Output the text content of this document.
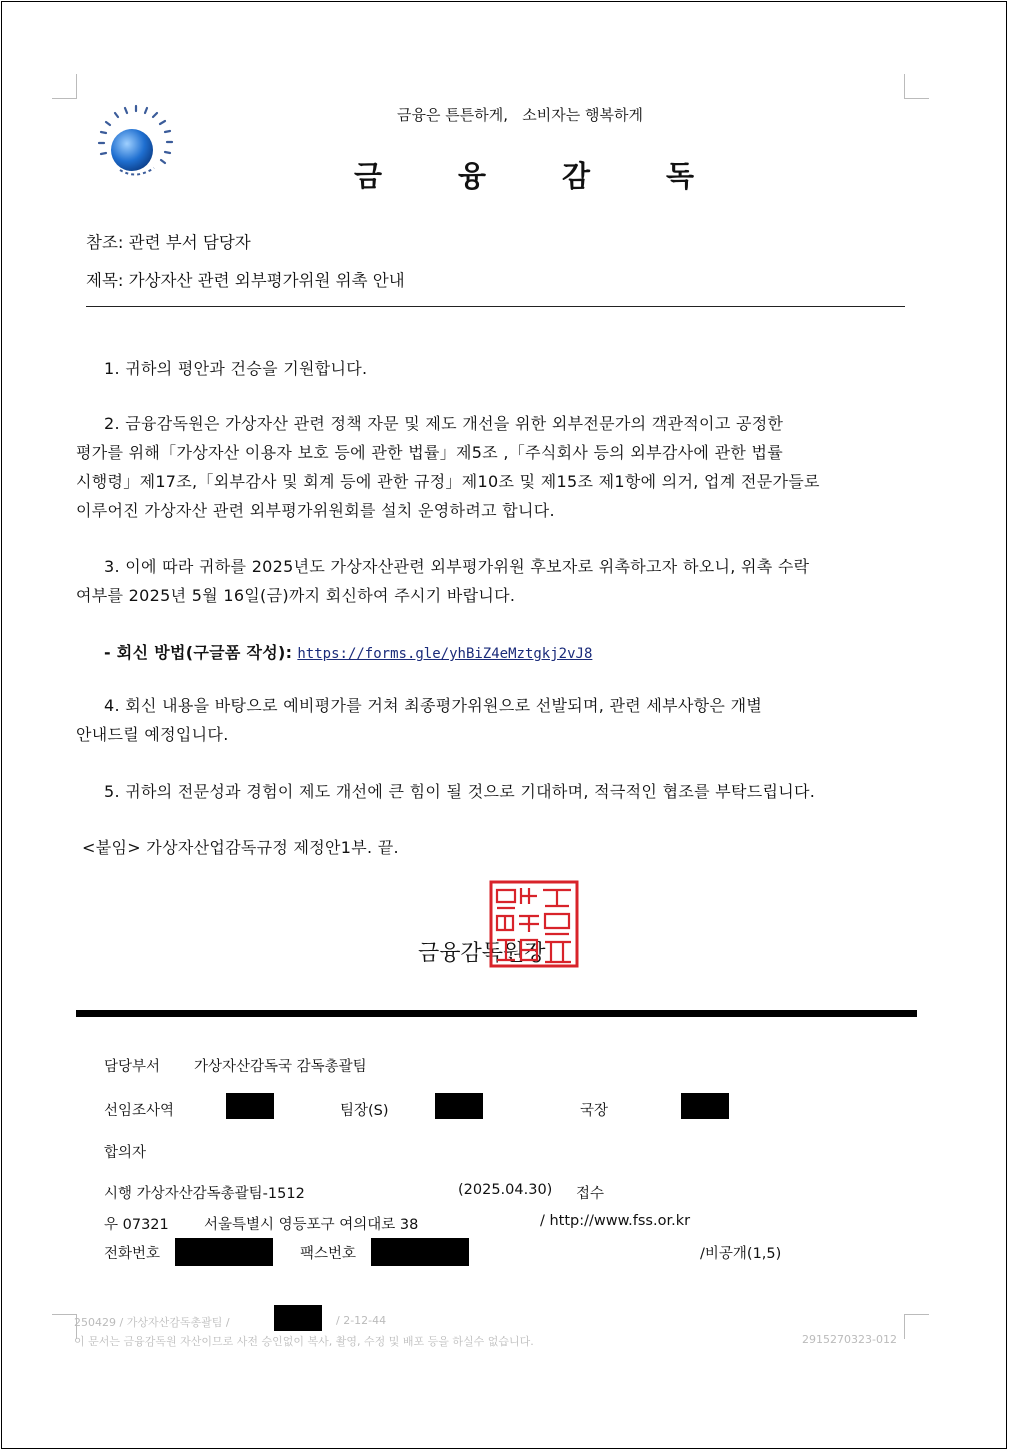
금융은 튼튼하게,   소비자는 행복하게
금	융	감	독
참조: 관련 부서 담당자
제목: 가상자산 관련 외부평가위원 위촉 안내
1. 귀하의 평안과 건승을 기원합니다.
2. 금융감독원은 가상자산 관련 정책 자문 및 제도 개선을 위한 외부전문가의 객관적이고 공정한
평가를 위해「가상자산 이용자 보호 등에 관한 법률」제5조 ,「주식회사 등의 외부감사에 관한 법률
시행령」제17조,「외부감사 및 회계 등에 관한 규정」제10조 및 제15조 제1항에 의거, 업계 전문가들로
이루어진 가상자산 관련 외부평가위원회를 설치 운영하려고 합니다.
3. 이에 따라 귀하를 2025년도 가상자산관련 외부평가위원 후보자로 위촉하고자 하오니, 위촉 수락
여부를 2025년 5월 16일(금)까지 회신하여 주시기 바랍니다.
- 회신 방법(구글폼 작성): https://forms.gle/yhBiZ4eMztgkj2vJ8
4. 회신 내용을 바탕으로 예비평가를 거쳐 최종평가위원으로 선발되며, 관련 세부사항은 개별
안내드릴 예정입니다.
5. 귀하의 전문성과 경험이 제도 개선에 큰 힘이 될 것으로 기대하며, 적극적인 협조를 부탁드립니다.
<붙임> 가상자산업감독규정 제정안1부. 끝.
금융감독원장
담당부서 가상자산감독국 감독총괄팀
선임조사역	팀장(S)	국장
합의자
시행 가상자산감독총괄팀-1512	(2025.04.30) 접수
우 07321 서울특별시 영등포구 여의대로 38	/ http://www.fss.or.kr
전화번호	팩스번호	/비공개(1,5)
250429 / 가상자산감독총괄팀 /	/ 2-12-44
이 문서는 금융감독원 자산이므로 사전 승인없이 복사, 촬영, 수정 및 배포 등을 하실수 없습니다.	2915270323-012
